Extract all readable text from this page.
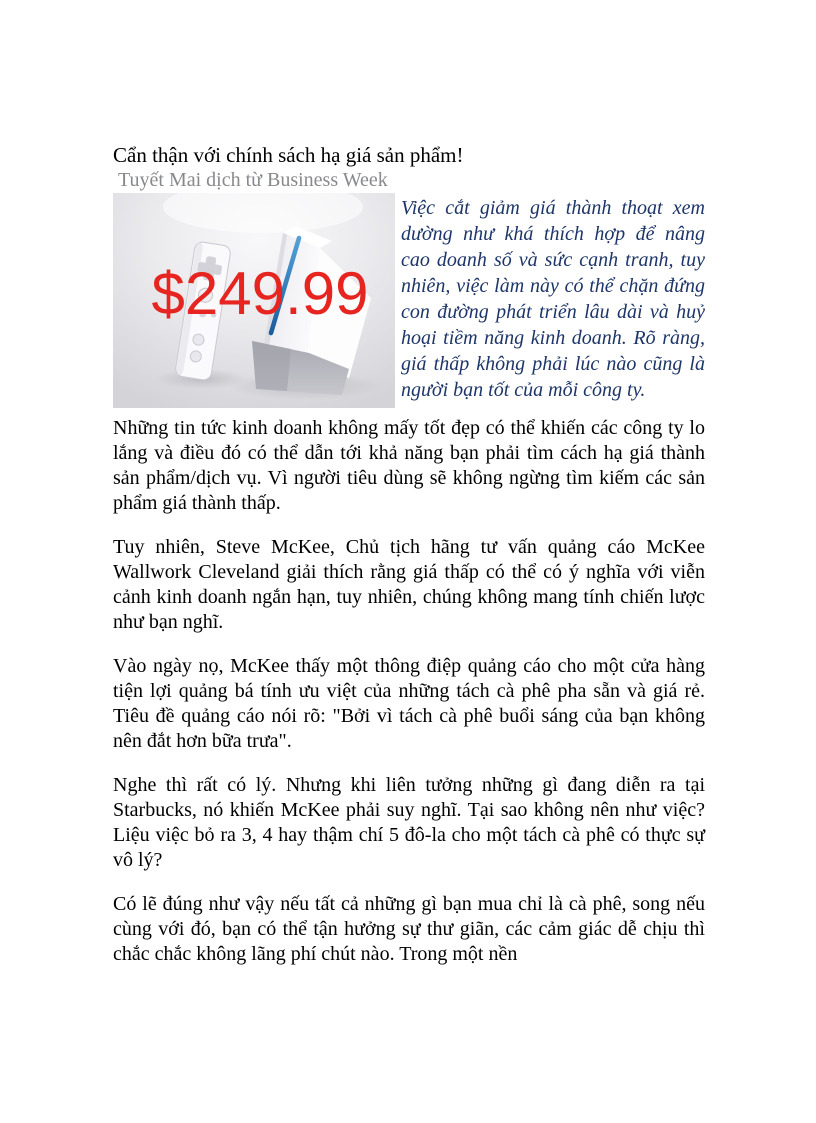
Cẩn thận với chính sách hạ giá sản phẩm!
Tuyết Mai dịch từ Business Week
$249.99
Việc cắt giảm giá thành thoạt xem dường như khá thích hợp để nâng cao doanh số và sức cạnh tranh, tuy nhiên, việc làm này có thể chặn đứng con đường phát triển lâu dài và huỷ hoại tiềm năng kinh doanh. Rõ ràng, giá thấp không phải lúc nào cũng là người bạn tốt của mỗi công ty.

Những tin tức kinh doanh không mấy tốt đẹp có thể khiến các công ty lo lắng và điều đó có thể dẫn tới khả năng bạn phải tìm cách hạ giá thành sản phẩm/dịch vụ. Vì người tiêu dùng sẽ không ngừng tìm kiếm các sản phẩm giá thành thấp.

Tuy nhiên, Steve McKee, Chủ tịch hãng tư vấn quảng cáo McKee Wallwork Cleveland giải thích rằng giá thấp có thể có ý nghĩa với viễn cảnh kinh doanh ngắn hạn, tuy nhiên, chúng không mang tính chiến lược như bạn nghĩ.

Vào ngày nọ, McKee thấy một thông điệp quảng cáo cho một cửa hàng tiện lợi quảng bá tính ưu việt của những tách cà phê pha sẵn và giá rẻ. Tiêu đề quảng cáo nói rõ: "Bởi vì tách cà phê buổi sáng của bạn không nên đắt hơn bữa trưa".

Nghe thì rất có lý. Nhưng khi liên tưởng những gì đang diễn ra tại Starbucks, nó khiến McKee phải suy nghĩ. Tại sao không nên như việc? Liệu việc bỏ ra 3, 4 hay thậm chí 5 đô-la cho một tách cà phê có thực sự vô lý?

Có lẽ đúng như vậy nếu tất cả những gì bạn mua chỉ là cà phê, song nếu cùng với đó, bạn có thể tận hưởng sự thư giãn, các cảm giác dễ chịu thì chắc chắc không lãng phí chút nào. Trong một nền
